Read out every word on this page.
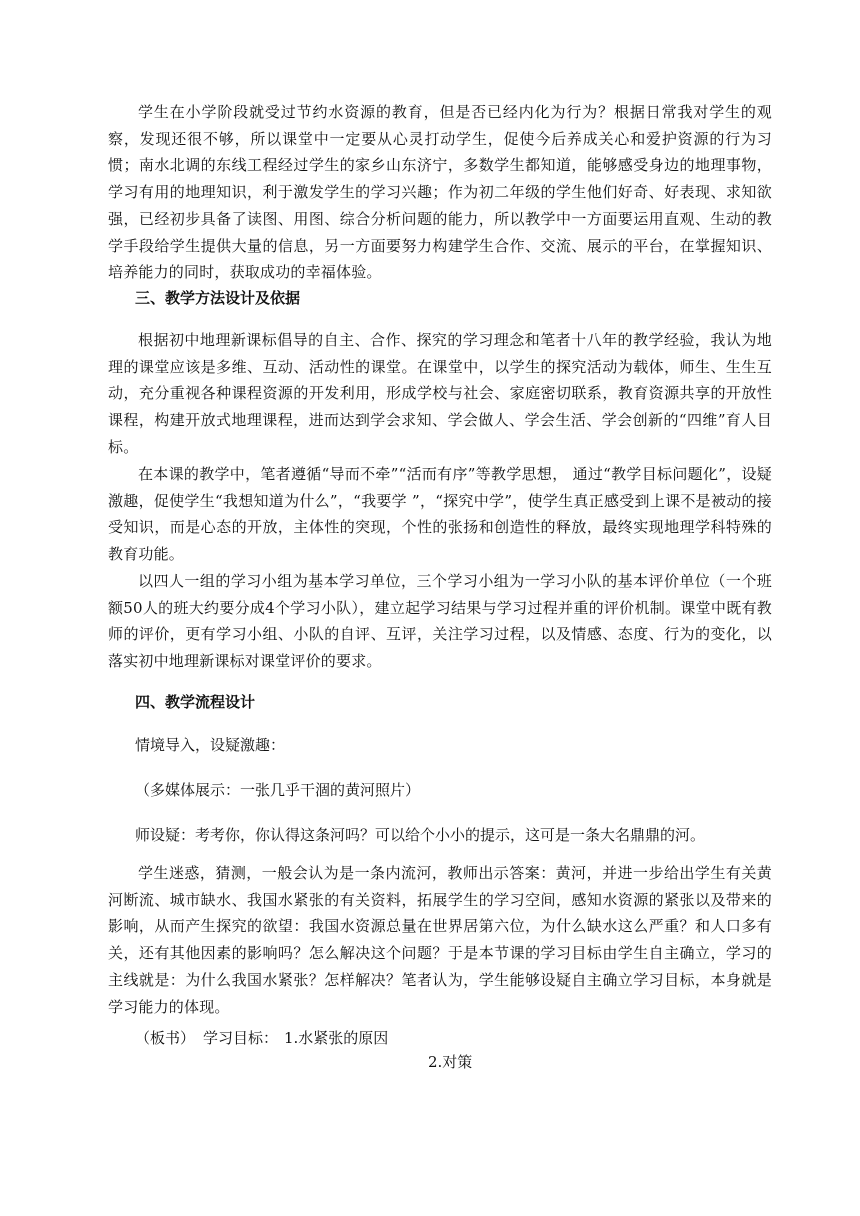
学生在小学阶段就受过节约水资源的教育，但是否已经内化为行为？根据日常我对学生的观察，发现还很不够，所以课堂中一定要从心灵打动学生，促使今后养成关心和爱护资源的行为习惯；南水北调的东线工程经过学生的家乡山东济宁，多数学生都知道，能够感受身边的地理事物，学习有用的地理知识，利于激发学生的学习兴趣；作为初二年级的学生他们好奇、好表现、求知欲强，已经初步具备了读图、用图、综合分析问题的能力，所以教学中一方面要运用直观、生动的教学手段给学生提供大量的信息，另一方面要努力构建学生合作、交流、展示的平台，在掌握知识、培养能力的同时，获取成功的幸福体验。

三、教学方法设计及依据

根据初中地理新课标倡导的自主、合作、探究的学习理念和笔者十八年的教学经验，我认为地理的课堂应该是多维、互动、活动性的课堂。在课堂中，以学生的探究活动为载体，师生、生生互动，充分重视各种课程资源的开发利用，形成学校与社会、家庭密切联系，教育资源共享的开放性课程，构建开放式地理课程，进而达到学会求知、学会做人、学会生活、学会创新的“四维”育人目标。

在本课的教学中，笔者遵循“导而不牵”“活而有序”等教学思想， 通过“教学目标问题化”，设疑激趣，促使学生“我想知道为什么”，“我要学 ”，“探究中学”，使学生真正感受到上课不是被动的接受知识，而是心态的开放，主体性的突现，个性的张扬和创造性的释放，最终实现地理学科特殊的教育功能。

以四人一组的学习小组为基本学习单位，三个学习小组为一学习小队的基本评价单位（一个班额50人的班大约要分成4个学习小队），建立起学习结果与学习过程并重的评价机制。课堂中既有教师的评价，更有学习小组、小队的自评、互评，关注学习过程，以及情感、态度、行为的变化，以落实初中地理新课标对课堂评价的要求。

四、教学流程设计

情境导入，设疑激趣：

（多媒体展示：一张几乎干涸的黄河照片）

师设疑：考考你，你认得这条河吗？可以给个小小的提示，这可是一条大名鼎鼎的河。

学生迷惑，猜测，一般会认为是一条内流河，教师出示答案：黄河，并进一步给出学生有关黄河断流、城市缺水、我国水紧张的有关资料，拓展学生的学习空间，感知水资源的紧张以及带来的影响，从而产生探究的欲望：我国水资源总量在世界居第六位，为什么缺水这么严重？和人口多有关，还有其他因素的影响吗？怎么解决这个问题？于是本节课的学习目标由学生自主确立，学习的主线就是：为什么我国水紧张？怎样解决？笔者认为，学生能够设疑自主确立学习目标，本身就是学习能力的体现。

（板书） 学习目标： 1.水紧张的原因
2.对策
